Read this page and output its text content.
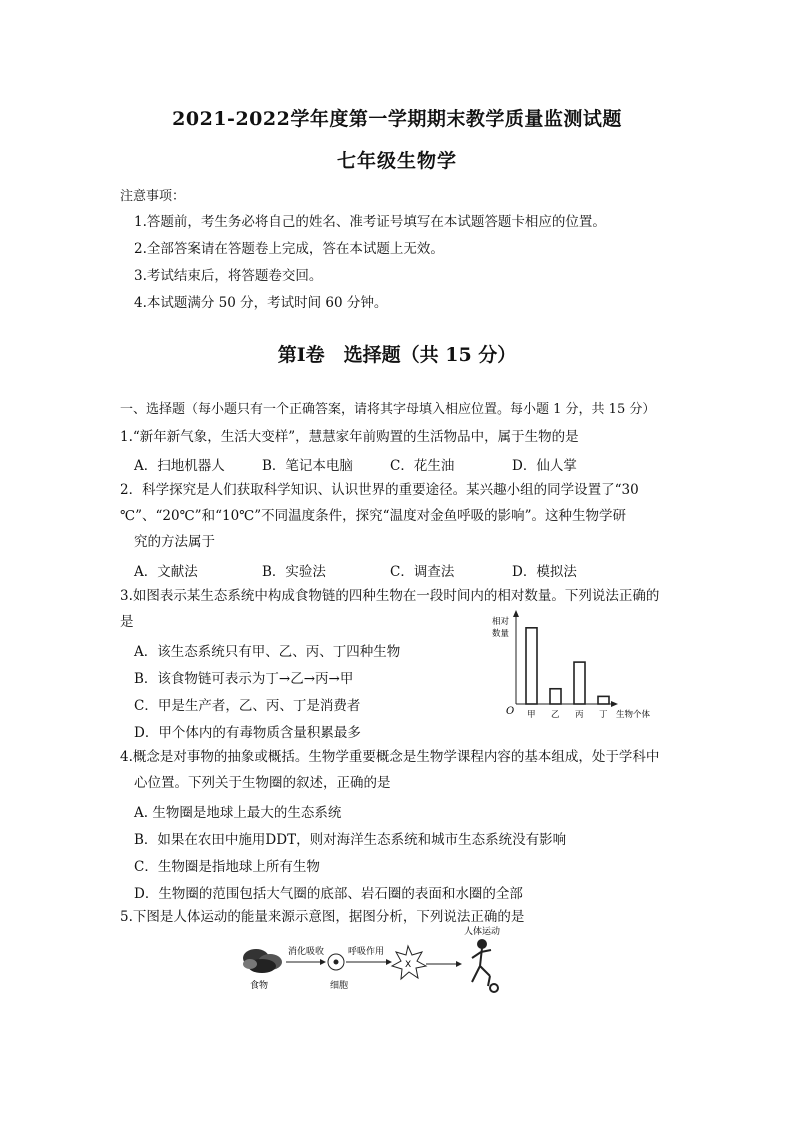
2021-2022学年度第一学期期末教学质量监测试题
七年级生物学
注意事项：
1.答题前，考生务必将自己的姓名、准考证号填写在本试题答题卡相应的位置。
2.全部答案请在答题卷上完成，答在本试题上无效。
3.考试结束后，将答题卷交回。
4.本试题满分 50 分，考试时间 60 分钟。
第Ⅰ卷　选择题（共 15 分）
一、选择题（每小题只有一个正确答案，请将其字母填入相应位置。每小题 1 分，共 15 分）
1.“新年新气象，生活大变样”，慧慧家年前购置的生活物品中，属于生物的是
A．扫地机器人	B．笔记本电脑	C．花生油	D．仙人掌
2．科学探究是人们获取科学知识、认识世界的重要途径。某兴趣小组的同学设置了“30
℃”、“20℃”和“10℃”不同温度条件，探究“温度对金鱼呼吸的影响”。这种生物学研
究的方法属于
A．文献法	B．实验法	C．调查法	D．模拟法
3.如图表示某生态系统中构成食物链的四种生物在一段时间内的相对数量。下列说法正确的
是
A．该生态系统只有甲、乙、丙、丁四种生物
B．该食物链可表示为丁→乙→丙→甲
C．甲是生产者，乙、丙、丁是消费者
D．甲个体内的有毒物质含量积累最多
相对
数量
O	生物个体
甲 乙 丙 丁
4.概念是对事物的抽象或概括。生物学重要概念是生物学课程内容的基本组成，处于学科中
心位置。下列关于生物圈的叙述，正确的是
A. 生物圈是地球上最大的生态系统
B．如果在农田中施用DDT，则对海洋生态系统和城市生态系统没有影响
C．生物圈是指地球上所有生物
D．生物圈的范围包括大气圈的底部、岩石圈的表面和水圈的全部
5.下图是人体运动的能量来源示意图，据图分析，下列说法正确的是
食物
消化吸收
细胞
呼吸作用
X
人体运动
